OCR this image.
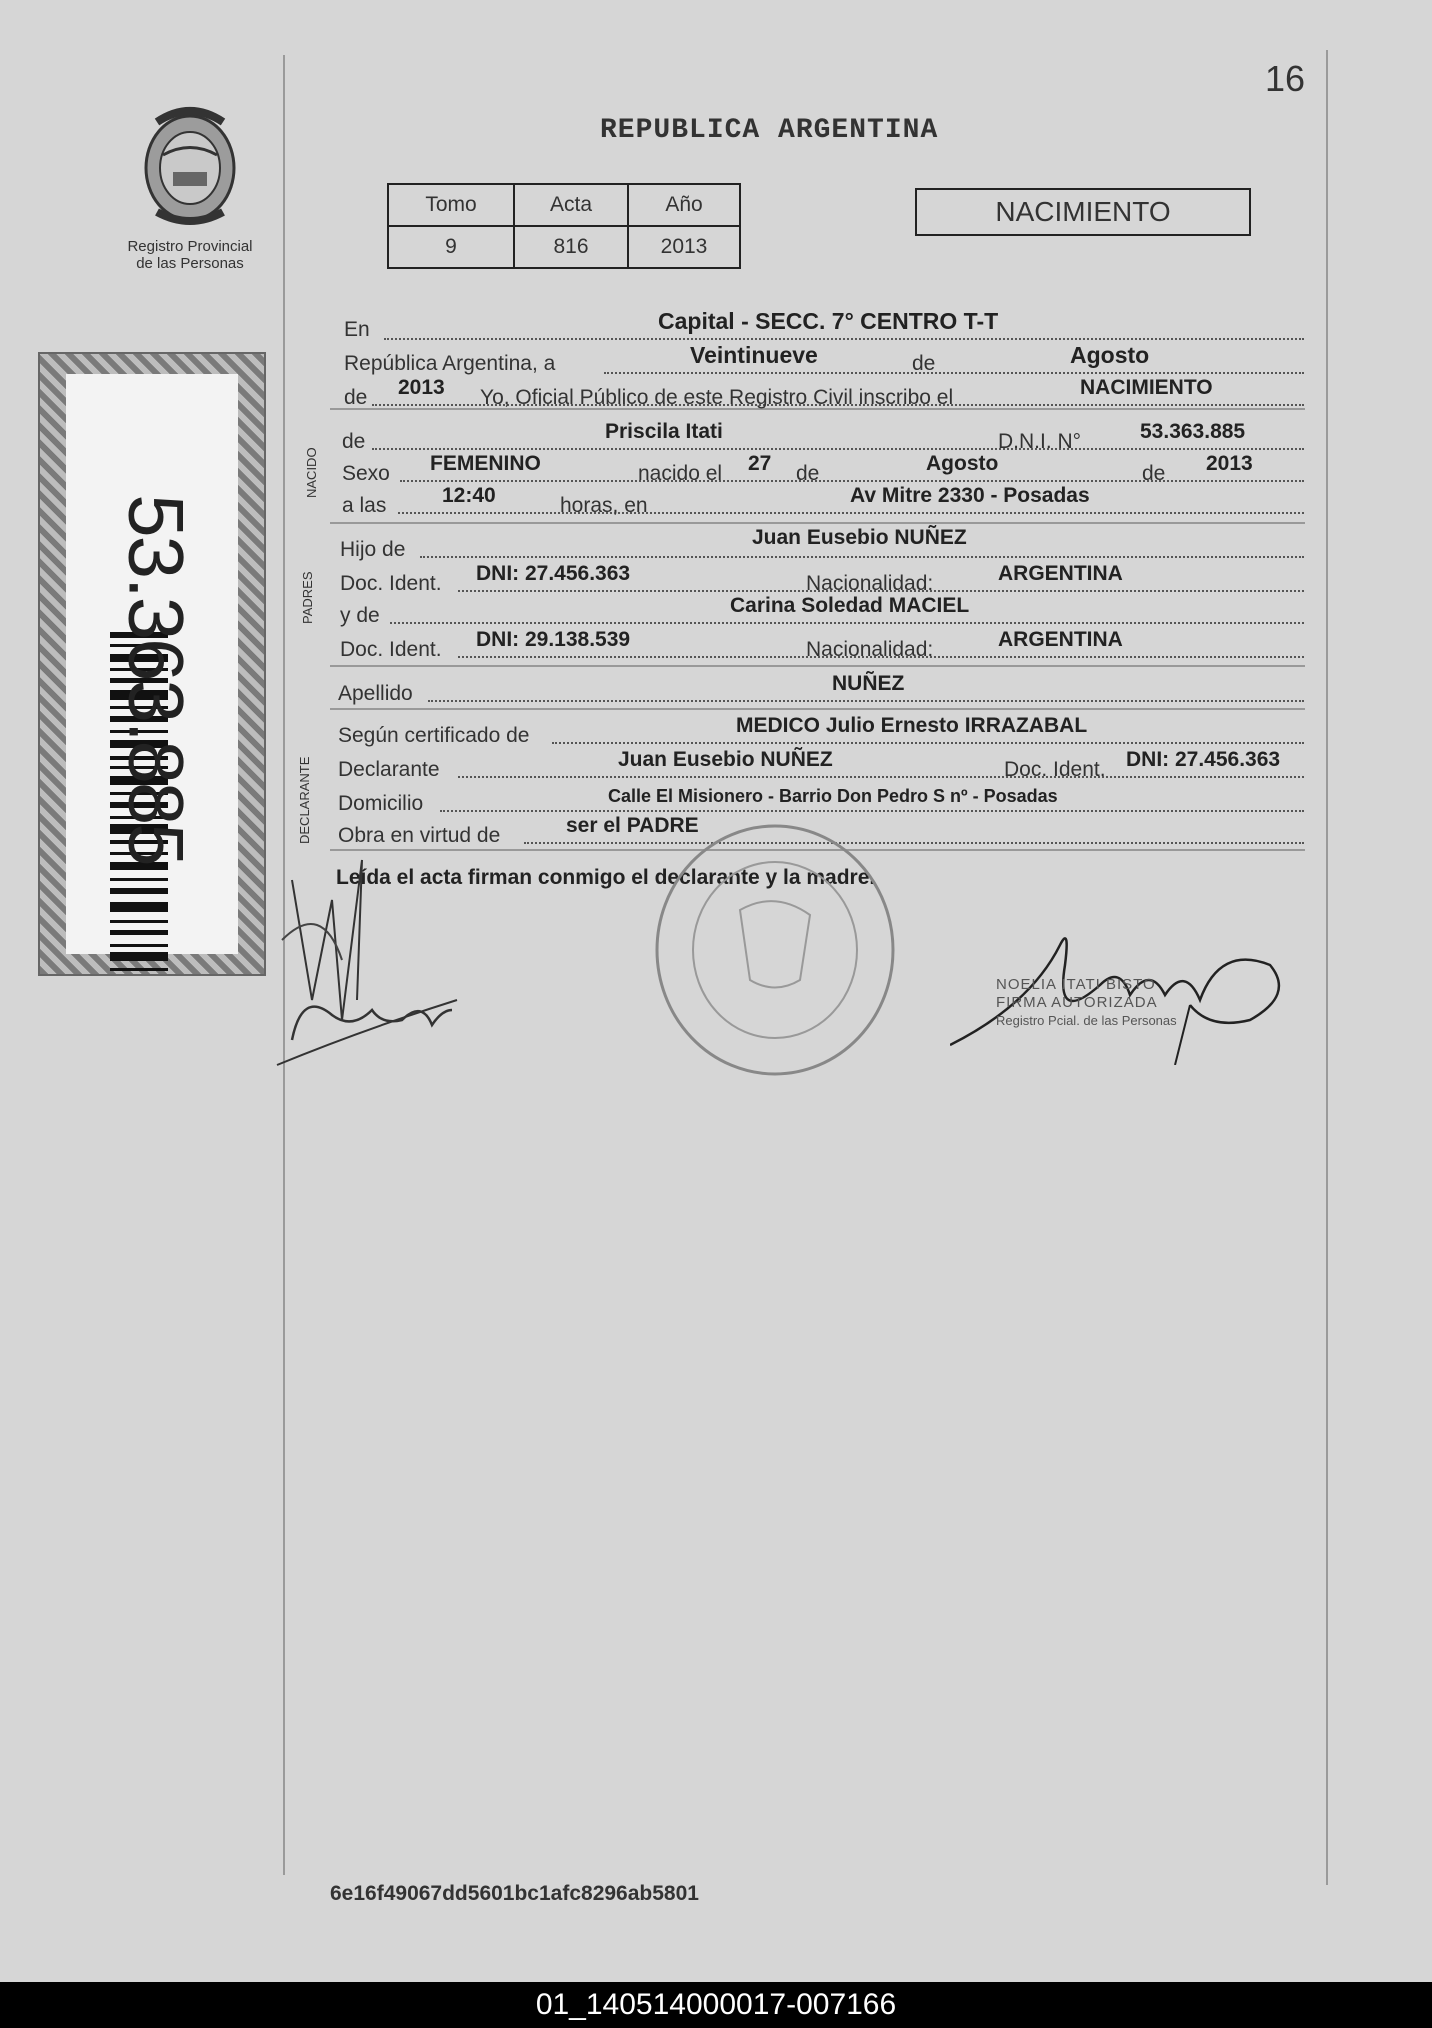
16
REPUBLICA ARGENTINA
Registro Provincial
de las Personas
Tomo	Acta	Año
9	816	2013
NACIMIENTO
53.363.885
NACIDO
PADRES
DECLARANTE
En	Capital - SECC. 7° CENTRO T-T
República Argentina, a	Veintinueve	de	Agosto
de 2013 Yo, Oficial Público de este Registro Civil inscribo el	NACIMIENTO
de	Priscila Itati	D.N.I. N°	53.363.885
Sexo FEMENINO	nacido el 27 de	Agosto	de 2013
a las	12:40	horas, en	Av Mitre 2330 - Posadas
Hijo de
Juan Eusebio NUÑEZ
Doc. Ident. DNI: 27.456.363	Nacionalidad:	ARGENTINA
y de	Carina Soledad MACIEL
Doc. Ident. DNI: 29.138.539	Nacionalidad:	ARGENTINA
Apellido	NUÑEZ
Según certificado de	MEDICO Julio Ernesto IRRAZABAL
Declarante	Juan Eusebio NUÑEZ	Doc. Ident. DNI: 27.456.363
Domicilio	Calle El Misionero - Barrio Don Pedro S nº - Posadas
Obra en virtud de	ser el PADRE
Leída el acta firman conmigo el declarante y la madre.
NOELIA ITATI BISTO
FIRMA AUTORIZADA
Registro Pcial. de las Personas
6e16f49067dd5601bc1afc8296ab5801
01_140514000017-007166
